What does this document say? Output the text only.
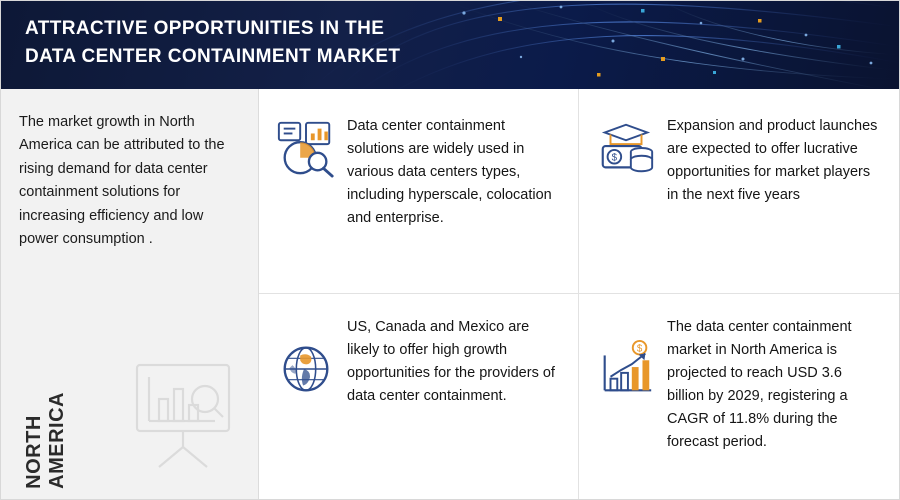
ATTRACTIVE OPPORTUNITIES IN THE
DATA CENTER CONTAINMENT MARKET
The market growth in North America can be attributed to the rising demand for data center containment solutions for increasing efficiency and low power consumption .
NORTH AMERICA
Data center containment solutions are widely used in various data centers types, including hyperscale, colocation and enterprise.
$
Expansion and product launches are expected to offer lucrative opportunities for market players in the next five years
US, Canada and Mexico are likely to offer high growth opportunities for the providers of data center containment.
$
The data center containment market in North America is projected to reach USD 3.6 billion by 2029, registering a CAGR of 11.8% during the forecast period.
